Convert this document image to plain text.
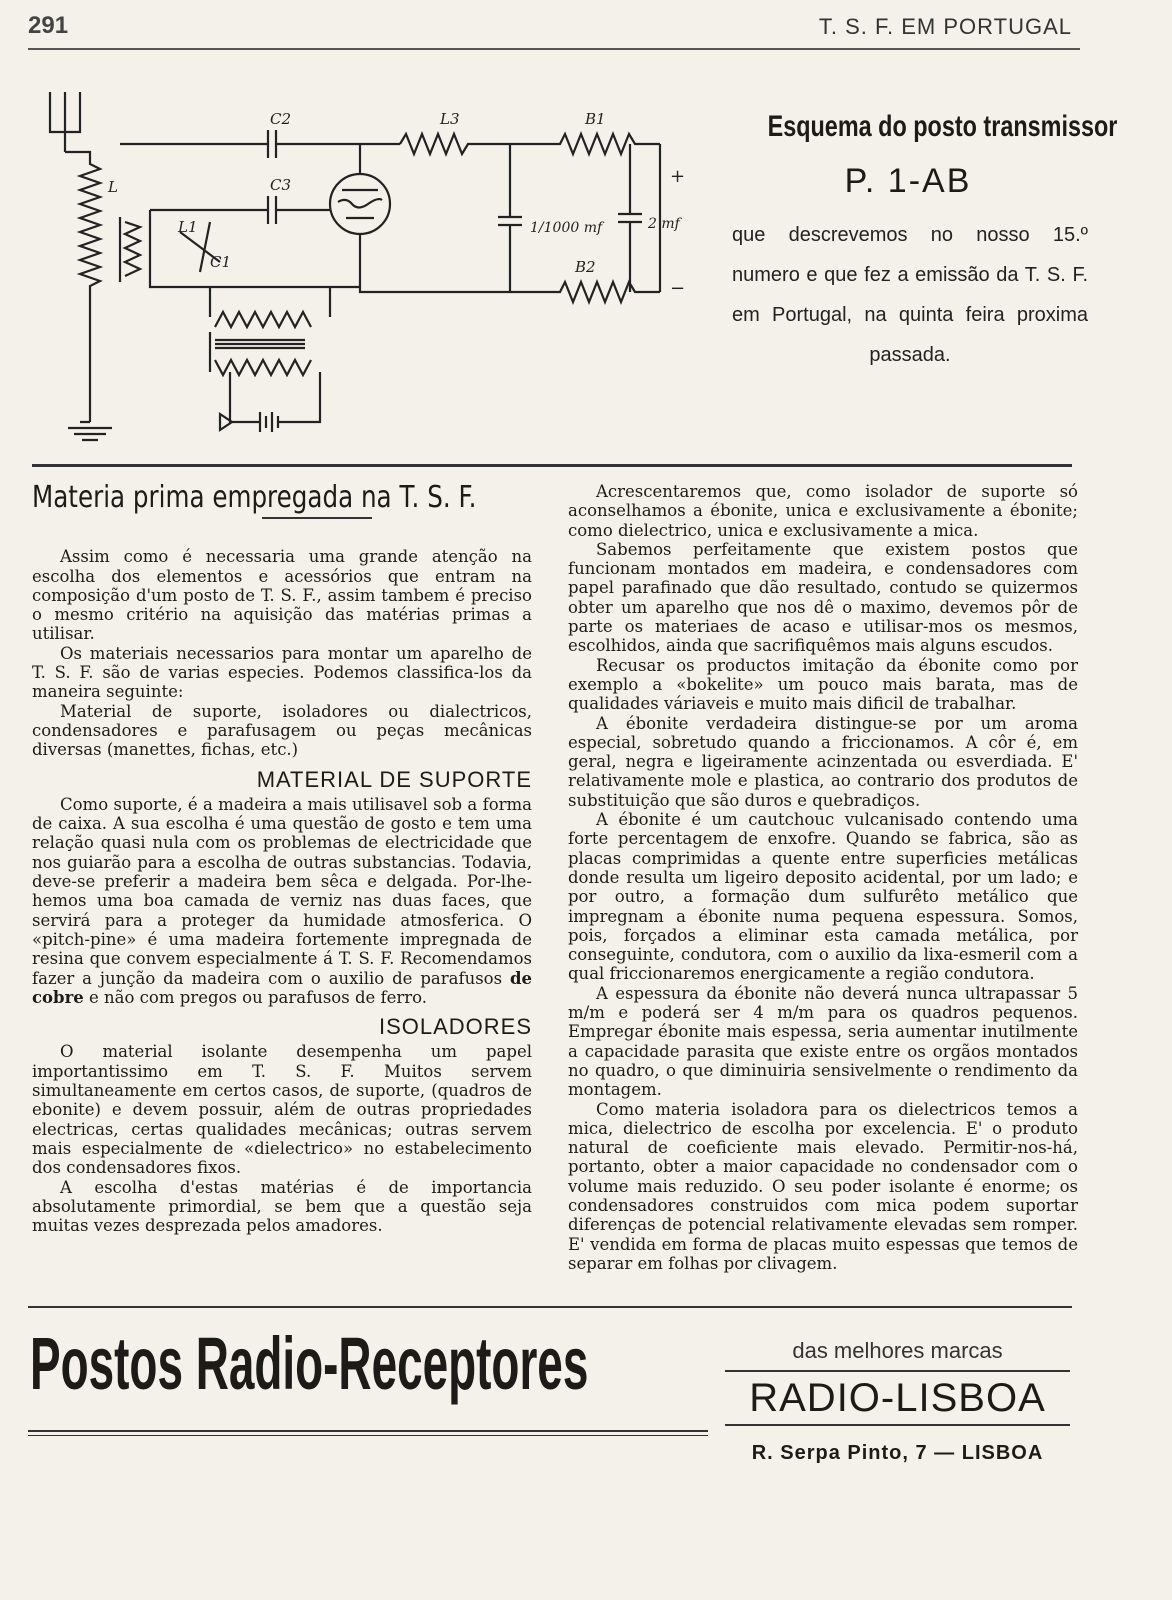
291	T. S. F. EM PORTUGAL
C2
C3
L3	B1
1/1000 mf	2 mf
B2
L
L1
C1
+
−

Esquema do posto transmissor

P. 1-AB

que descrevemos no nosso 15.º numero e que fez a emissão da T. S. F. em Portugal, na quinta feira proxima passada.

Materia prima empregada na T. S. F.

Assim como é necessaria uma grande atenção na escolha dos elementos e acessórios que entram na composição d'um posto de T. S. F., assim tambem é preciso o mesmo critério na aquisição das matérias primas a utilisar.

Os materiais necessarios para montar um aparelho de T. S. F. são de varias especies. Podemos classifica-los da maneira seguinte:

Material de suporte, isoladores ou dialectricos, condensadores e parafusagem ou peças mecânicas diversas (manettes, fichas, etc.)

MATERIAL DE SUPORTE

Como suporte, é a madeira a mais utilisavel sob a forma de caixa. A sua escolha é uma questão de gosto e tem uma relação quasi nula com os problemas de electricidade que nos guiarão para a escolha de outras substancias. Todavia, deve-se preferir a madeira bem sêca e delgada. Por-lhe-hemos uma boa camada de verniz nas duas faces, que servirá para a proteger da humidade atmosferica. O «pitch-pine» é uma madeira fortemente impregnada de resina que convem especialmente á T. S. F. Recomendamos fazer a junção da madeira com o auxilio de parafusos de cobre e não com pregos ou parafusos de ferro.

ISOLADORES

O material isolante desempenha um papel importantissimo em T. S. F. Muitos servem simultaneamente em certos casos, de suporte, (quadros de ebonite) e devem possuir, além de outras propriedades electricas, certas qualidades mecânicas; outras servem mais especialmente de «dielectrico» no estabelecimento dos condensadores fixos.

A escolha d'estas matérias é de importancia absolutamente primordial, se bem que a questão seja muitas vezes desprezada pelos amadores.

Acrescentaremos que, como isolador de suporte só aconselhamos a ébonite, unica e exclusivamente a ébonite; como dielectrico, unica e exclusivamente a mica.

Sabemos perfeitamente que existem postos que funcionam montados em madeira, e condensadores com papel parafinado que dão resultado, contudo se quizermos obter um aparelho que nos dê o maximo, devemos pôr de parte os materiaes de acaso e utilisar-mos os mesmos, escolhidos, ainda que sacrifiquêmos mais alguns escudos.

Recusar os productos imitação da ébonite como por exemplo a «bokelite» um pouco mais barata, mas de qualidades váriaveis e muito mais dificil de trabalhar.

A ébonite verdadeira distingue-se por um aroma especial, sobretudo quando a friccionamos. A côr é, em geral, negra e ligeiramente acinzentada ou esverdiada. E' relativamente mole e plastica, ao contrario dos produtos de substituição que são duros e quebradiços.

A ébonite é um cautchouc vulcanisado contendo uma forte percentagem de enxofre. Quando se fabrica, são as placas comprimidas a quente entre superficies metálicas donde resulta um ligeiro deposito acidental, por um lado; e por outro, a formação dum sulfurêto metálico que impregnam a ébonite numa pequena espessura. Somos, pois, forçados a eliminar esta camada metálica, por conseguinte, condutora, com o auxilio da lixa-esmeril com a qual friccionaremos energicamente a região condutora.

A espessura da ébonite não deverá nunca ultrapassar 5 m/m e poderá ser 4 m/m para os quadros pequenos. Empregar ébonite mais espessa, seria aumentar inutilmente a capacidade parasita que existe entre os orgãos montados no quadro, o que diminuiria sensivelmente o rendimento da montagem.

Como materia isoladora para os dielectricos temos a mica, dielectrico de escolha por excelencia. E' o produto natural de coeficiente mais elevado. Permitir-nos-há, portanto, obter a maior capacidade no condensador com o volume mais reduzido. O seu poder isolante é enorme; os condensadores construidos com mica podem suportar diferenças de potencial relativamente elevadas sem romper. E' vendida em forma de placas muito espessas que temos de separar em folhas por clivagem.

Postos Radio-Receptores	das melhores marcas

RADIO-LISBOA

R. Serpa Pinto, 7 — LISBOA
